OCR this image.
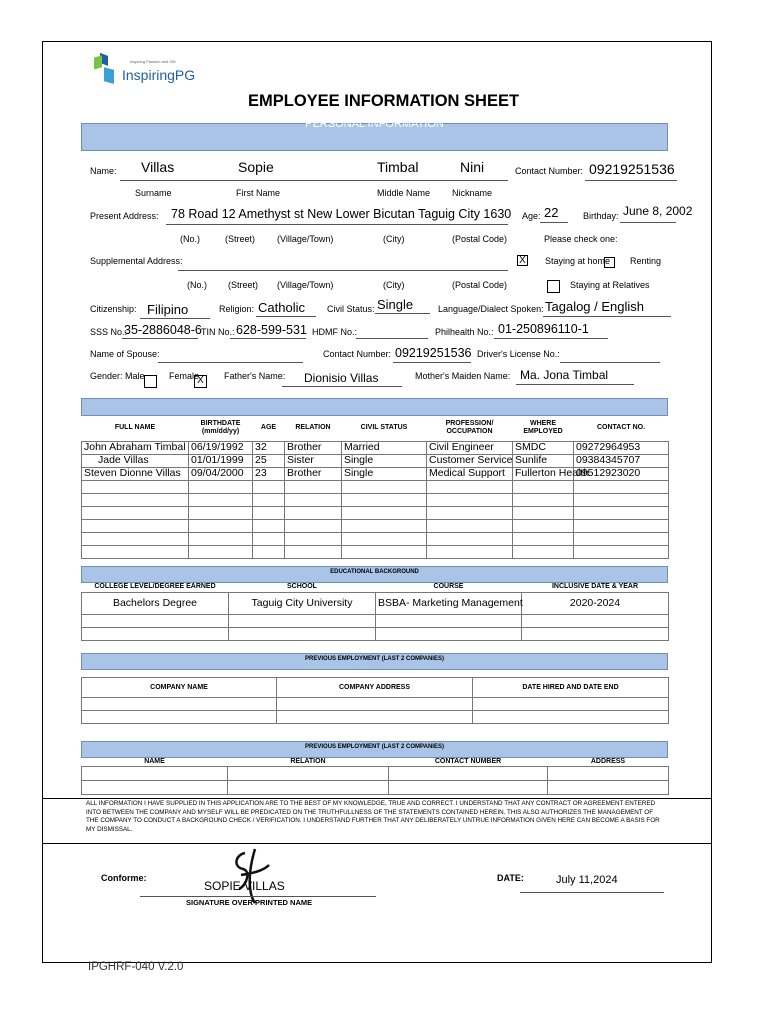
Inspiring Passion and Gift
InspiringPG
EMPLOYEE INFORMATION SHEET
PERSONAL INFORMATION
Name: Villas	Sopie	Timbal	Nini	Contact Number: 09219251536
Surname	First Name	Middle Name Nickname
Present Address: 78 Road 12 Amethyst st New Lower Bicutan Taguig City 1630 Age: 22	Birthday: June 8, 2002
(No.)	(Street) (Village/Town)	(City)	(Postal Code)	Please check one:
Supplemental Address:	X Staying at home Renting
(No.) (Street) (Village/Town)	(City)	(Postal Code)	Staying at Relatives
Citizenship: Filipino	Religion: Catholic Civil Status: Single	Language/Dialect Spoken: Tagalog / English
SSS No.:
35-2886048-6 TIN No.: 628-599-531 HDMF No.:	Philhealth No.: 01-250896110-1
Name of Spouse:	Contact Number: 09219251536 Driver's License No.:
Gender: Male	Female
X	Father's Name: Dionisio Villas	Mother's Maiden Name: Ma. Jona Timbal
FULL NAME	BIRTHDATE (mm/dd/yy)	AGE	RELATION	CIVIL STATUS	PROFESSION/ OCCUPATION	WHERE EMPLOYED	CONTACT NO.
John Abraham Timbal	06/19/1992	32	Brother	Married	Civil Engineer	SMDC	09272964953
Jade Villas	01/01/1999	25	Sister	Single	Customer Service	Sunlife	09384345707
Steven Dionne Villas	09/04/2000	23	Brother	Single	Medical Support	Fullerton Health	09512923020

EDUCATIONAL BACKGROUND
COLLEGE LEVEL/DEGREE EARNED	SCHOOL	COURSE	INCLUSIVE DATE & YEAR
Bachelors Degree	Taguig City University	BSBA- Marketing Management	2020-2024

PREVIOUS EMPLOYMENT (LAST 2 COMPANIES)
COMPANY NAME	COMPANY ADDRESS	DATE HIRED AND DATE END

PREVIOUS EMPLOYMENT (LAST 2 COMPANIES)
NAME	RELATION	CONTACT NUMBER	ADDRESS

ALL INFORMATION I HAVE SUPPLIED IN THIS APPLICATION ARE TO THE BEST OF MY KNOWLEDGE, TRUE AND CORRECT. I UNDERSTAND THAT ANY CONTRACT OR AGREEMENT ENTERED INTO BETWEEN THE COMPANY AND MYSELF WILL BE PREDICATED ON THE TRUTHFULLNESS OF THE STATEMENTS CONTAINED HEREIN. THIS ALSO AUTHORIZES THE MANAGEMENT OF THE COMPANY TO CONDUCT A BACKGROUND CHECK / VERIFICATION. I UNDERSTAND FURTHER THAT ANY DELIBERATELY UNTRUE INFORMATION GIVEN HERE CAN BECOME A BASIS FOR MY DISMISSAL.
Conforme:
SOPIE VILLAS
SIGNATURE OVER PRINTED NAME
DATE:	July 11,2024
IPGHRF-040 V.2.0
